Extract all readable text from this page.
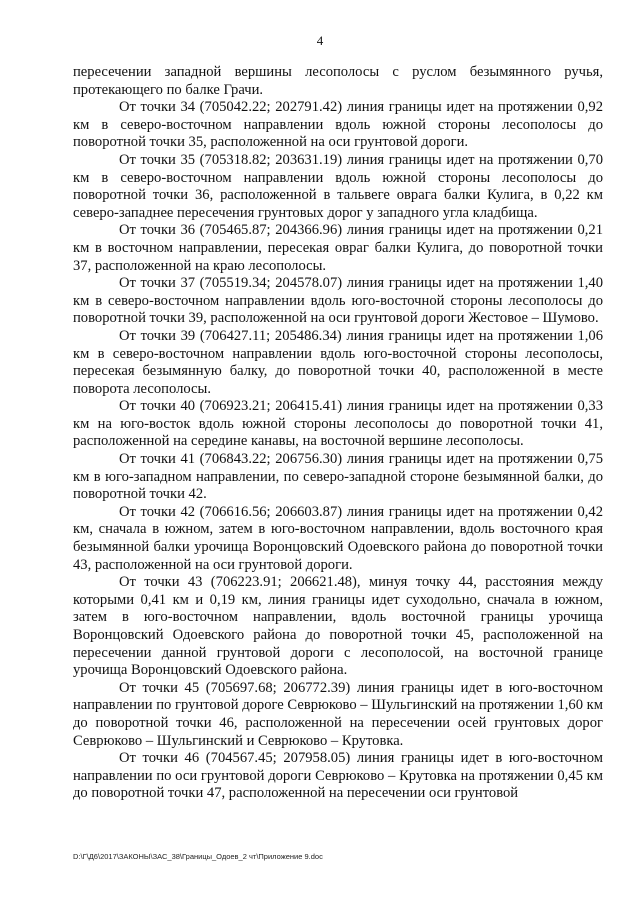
4

пересечении западной вершины лесополосы с руслом безымянного ручья, протекающего по балке Грачи.

От точки 34 (705042.22; 202791.42) линия границы идет на протяжении 0,92 км в северо-восточном направлении вдоль южной стороны лесополосы до поворотной точки 35, расположенной на оси грунтовой дороги.

От точки 35 (705318.82; 203631.19) линия границы идет на протяжении 0,70 км в северо-восточном направлении вдоль южной стороны лесополосы до поворотной точки 36, расположенной в тальвеге оврага балки Кулига, в 0,22 км северо-западнее пересечения грунтовых дорог у западного угла кладбища.

От точки 36 (705465.87; 204366.96) линия границы идет на протяжении 0,21 км в восточном направлении, пересекая овраг балки Кулига, до поворотной точки 37, расположенной на краю лесополосы.

От точки 37 (705519.34; 204578.07) линия границы идет на протяжении 1,40 км в северо-восточном направлении вдоль юго-восточной стороны лесополосы до поворотной точки 39, расположенной на оси грунтовой дороги Жестовое – Шумово.

От точки 39 (706427.11; 205486.34) линия границы идет на протяжении 1,06 км в северо-восточном направлении вдоль юго-восточной стороны лесополосы, пересекая безымянную балку, до поворотной точки 40, расположенной в месте поворота лесополосы.

От точки 40 (706923.21; 206415.41) линия границы идет на протяжении 0,33 км на юго-восток вдоль южной стороны лесополосы до поворотной точки 41, расположенной на середине канавы, на восточной вершине лесополосы.

От точки 41 (706843.22; 206756.30) линия границы идет на протяжении 0,75 км в юго-западном направлении, по северо-западной стороне безымянной балки, до поворотной точки 42.

От точки 42 (706616.56; 206603.87) линия границы идет на протяжении 0,42 км, сначала в южном, затем в юго-восточном направлении, вдоль восточного края безымянной балки урочища Воронцовский Одоевского района до поворотной точки 43, расположенной на оси грунтовой дороги.

От точки 43 (706223.91; 206621.48), минуя точку 44, расстояния между которыми 0,41 км и 0,19 км, линия границы идет суходольно, сначала в южном, затем в юго-восточном направлении, вдоль восточной границы урочища Воронцовский Одоевского района до поворотной точки 45, расположенной на пересечении данной грунтовой дороги с лесополосой, на восточной границе урочища Воронцовский Одоевского района.

От точки 45 (705697.68; 206772.39) линия границы идет в юго-восточном направлении по грунтовой дороге Севрюково – Шульгинский на протяжении 1,60 км до поворотной точки 46, расположенной на пересечении осей грунтовых дорог Севрюково – Шульгинский и Севрюково – Крутовка.

От точки 46 (704567.45; 207958.05) линия границы идет в юго-восточном направлении по оси грунтовой дороги Севрюково – Крутовка на протяжении 0,45 км до поворотной точки 47, расположенной на пересечении оси грунтовой

D:\Г\Д6\2017\ЗАКОНЫ\ЗАС_38\Границы_Одоев_2 чт\Приложение 9.doc
